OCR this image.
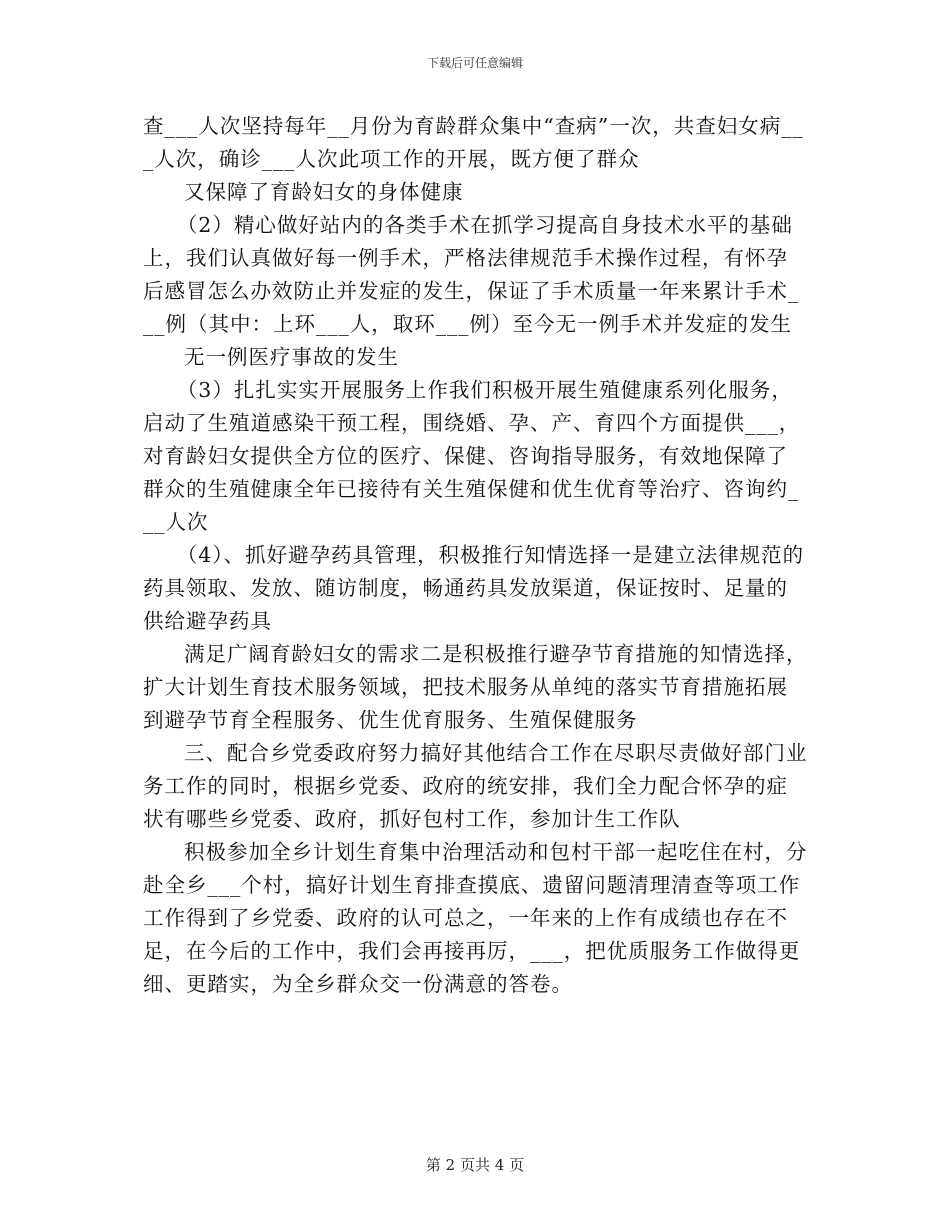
下载后可任意编辑

查___人次坚持每年__月份为育龄群众集中“查病”一次，共查妇女病___人次，确诊___人次此项工作的开展，既方便了群众

又保障了育龄妇女的身体健康

（2）精心做好站内的各类手术在抓学习提高自身技术水平的基础上，我们认真做好每一例手术，严格法律规范手术操作过程，有怀孕后感冒怎么办效防止并发症的发生，保证了手术质量一年来累计手术___例（其中：上环___人，取环___例）至今无一例手术并发症的发生

无一例医疗事故的发生

（3）扎扎实实开展服务上作我们积极开展生殖健康系列化服务，启动了生殖道感染干预工程，围绕婚、孕、产、育四个方面提供___，对育龄妇女提供全方位的医疗、保健、咨询指导服务，有效地保障了群众的生殖健康全年已接待有关生殖保健和优生优育等治疗、咨询约___人次

（4）、抓好避孕药具管理，积极推行知情选择一是建立法律规范的药具领取、发放、随访制度，畅通药具发放渠道，保证按时、足量的供给避孕药具

满足广阔育龄妇女的需求二是积极推行避孕节育措施的知情选择，扩大计划生育技术服务领域，把技术服务从单纯的落实节育措施拓展到避孕节育全程服务、优生优育服务、生殖保健服务

三、配合乡党委政府努力搞好其他结合工作在尽职尽责做好部门业务工作的同时，根据乡党委、政府的统安排，我们全力配合怀孕的症状有哪些乡党委、政府，抓好包村工作，参加计生工作队

积极参加全乡计划生育集中治理活动和包村干部一起吃住在村，分赴全乡___个村，搞好计划生育排查摸底、遗留问题清理清查等项工作工作得到了乡党委、政府的认可总之，一年来的上作有成绩也存在不足，在今后的工作中，我们会再接再厉，___，把优质服务工作做得更细、更踏实，为全乡群众交一份满意的答卷。

第 2 页共 4 页
